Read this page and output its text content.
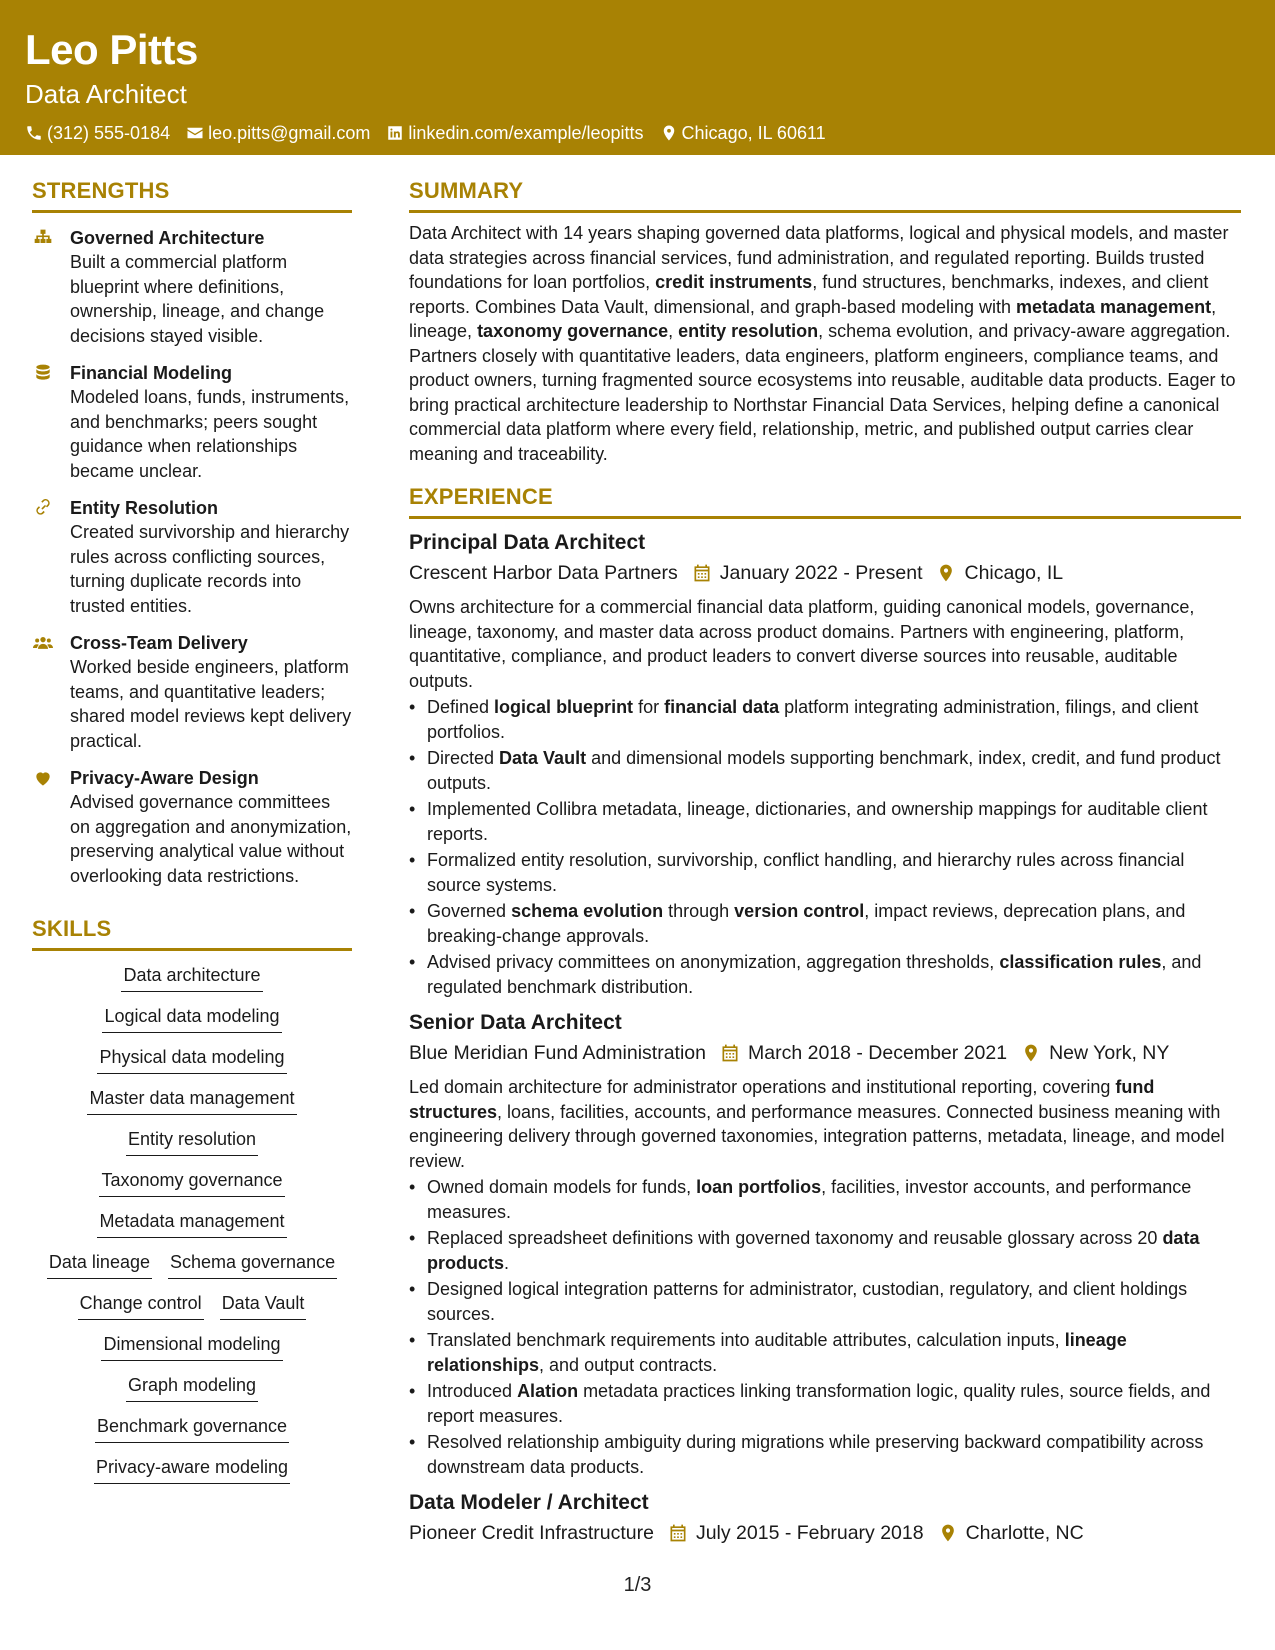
Leo Pitts
Data Architect
(312) 555-0184 leo.pitts@gmail.com linkedin.com/example/leopitts Chicago, IL 60611
STRENGTHS
Governed Architecture
Built a commercial platform blueprint where definitions, ownership, lineage, and change decisions stayed visible.
Financial Modeling
Modeled loans, funds, instruments, and benchmarks; peers sought guidance when relationships became unclear.
Entity Resolution
Created survivorship and hierarchy rules across conflicting sources, turning duplicate records into trusted entities.
Cross-Team Delivery
Worked beside engineers, platform teams, and quantitative leaders; shared model reviews kept delivery practical.
Privacy-Aware Design
Advised governance committees on aggregation and anonymization, preserving analytical value without overlooking data restrictions.
SKILLS
Data architecture
Logical data modeling
Physical data modeling
Master data management
Entity resolution
Taxonomy governance
Metadata management
Data lineage Schema governance
Change control Data Vault
Dimensional modeling
Graph modeling
Benchmark governance
Privacy-aware modeling
SUMMARY
Data Architect with 14 years shaping governed data platforms, logical and physical models, and master data strategies across financial services, fund administration, and regulated reporting. Builds trusted foundations for loan portfolios, credit instruments, fund structures, benchmarks, indexes, and client reports. Combines Data Vault, dimensional, and graph-based modeling with metadata management, lineage, taxonomy governance, entity resolution, schema evolution, and privacy-aware aggregation. Partners closely with quantitative leaders, data engineers, platform engineers, compliance teams, and product owners, turning fragmented source ecosystems into reusable, auditable data products. Eager to bring practical architecture leadership to Northstar Financial Data Services, helping define a canonical commercial data platform where every field, relationship, metric, and published output carries clear meaning and traceability.
EXPERIENCE
Principal Data Architect
Crescent Harbor Data Partners January 2022 - Present Chicago, IL
Owns architecture for a commercial financial data platform, guiding canonical models, governance, lineage, taxonomy, and master data across product domains. Partners with engineering, platform, quantitative, compliance, and product leaders to convert diverse sources into reusable, auditable outputs.
• Defined logical blueprint for financial data platform integrating administration, filings, and client portfolios.
• Directed Data Vault and dimensional models supporting benchmark, index, credit, and fund product outputs.
• Implemented Collibra metadata, lineage, dictionaries, and ownership mappings for auditable client reports.
• Formalized entity resolution, survivorship, conflict handling, and hierarchy rules across financial source systems.
• Governed schema evolution through version control, impact reviews, deprecation plans, and breaking-change approvals.
• Advised privacy committees on anonymization, aggregation thresholds, classification rules, and regulated benchmark distribution.
Senior Data Architect
Blue Meridian Fund Administration March 2018 - December 2021 New York, NY
Led domain architecture for administrator operations and institutional reporting, covering fund structures, loans, facilities, accounts, and performance measures. Connected business meaning with engineering delivery through governed taxonomies, integration patterns, metadata, lineage, and model review.
• Owned domain models for funds, loan portfolios, facilities, investor accounts, and performance measures.
• Replaced spreadsheet definitions with governed taxonomy and reusable glossary across 20 data products.
• Designed logical integration patterns for administrator, custodian, regulatory, and client holdings sources.
• Translated benchmark requirements into auditable attributes, calculation inputs, lineage relationships, and output contracts.
• Introduced Alation metadata practices linking transformation logic, quality rules, source fields, and report measures.
• Resolved relationship ambiguity during migrations while preserving backward compatibility across downstream data products.
Data Modeler / Architect
Pioneer Credit Infrastructure July 2015 - February 2018 Charlotte, NC
1/3
